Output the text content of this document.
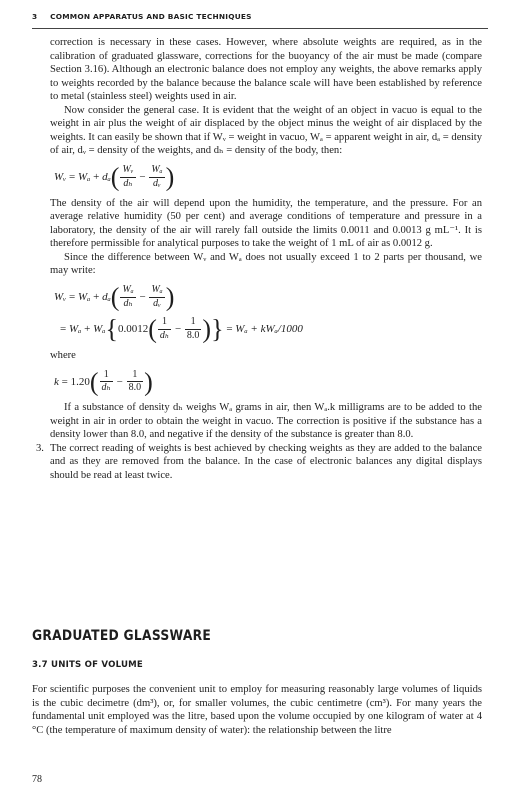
3 COMMON APPARATUS AND BASIC TECHNIQUES

correction is necessary in these cases. However, where absolute weights are required, as in the calibration of graduated glassware, corrections for the buoyancy of the air must be made (compare Section 3.16). Although an electronic balance does not employ any weights, the above remarks apply to weights recorded by the balance because the balance scale will have been established by reference to metal (stainless steel) weights used in air.

Now consider the general case. It is evident that the weight of an object in vacuo is equal to the weight in air plus the weight of air displaced by the object minus the weight of air displaced by the weights. It can easily be shown that if Wᵥ = weight in vacuo, Wₐ = apparent weight in air, dₐ = density of air, dᵥ = density of the weights, and dₕ = density of the body, then:

Wᵥ = $W_a + d_a( \frac{\text{Wᵥ}}{\text{dₕ}} - \frac{\text{Wₐ}}{\text{dᵥ}}$ )

The density of the air will depend upon the humidity, the temperature, and the pressure. For an average relative humidity (50 per cent) and average conditions of temperature and pressure in a laboratory, the density of the air will rarely fall outside the limits 0.0011 and 0.0013 g mL⁻¹. It is therefore permissible for analytical purposes to take the weight of 1 mL of air as 0.0012 g.

Since the difference between Wᵥ and Wₐ does not usually exceed 1 to 2 parts per thousand, we may write:

Wᵥ = $W_a + d_a( \frac{\text{Wₐ}}{\text{dₕ}} - \frac{\text{Wₐ}}{\text{dᵥ}}$ )
= $W_a + W_a\{0.0012( \frac{1}{\text{dₕ}} - \frac{1}{8.0}$ )} = Wₐ + kWₐ/1000

where

$k = 1.20( \frac{1}{\text{dₕ}} - \frac{1}{8.0}$ )

If a substance of density dₕ weighs Wₐ grams in air, then Wₐ.k milligrams are to be added to the weight in air in order to obtain the weight in vacuo. The correction is positive if the substance has a density lower than 8.0, and negative if the density of the substance is greater than 8.0.

3. The correct reading of weights is best achieved by checking weights as they are added to the balance and as they are removed from the balance. In the case of electronic balances any digital displays should be read at least twice.
GRADUATED GLASSWARE
3.7 UNITS OF VOLUME

For scientific purposes the convenient unit to employ for measuring reasonably large volumes of liquids is the cubic decimetre (dm³), or, for smaller volumes, the cubic centimetre (cm³). For many years the fundamental unit employed was the litre, based upon the volume occupied by one kilogram of water at 4 °C (the temperature of maximum density of water): the relationship between the litre

78
